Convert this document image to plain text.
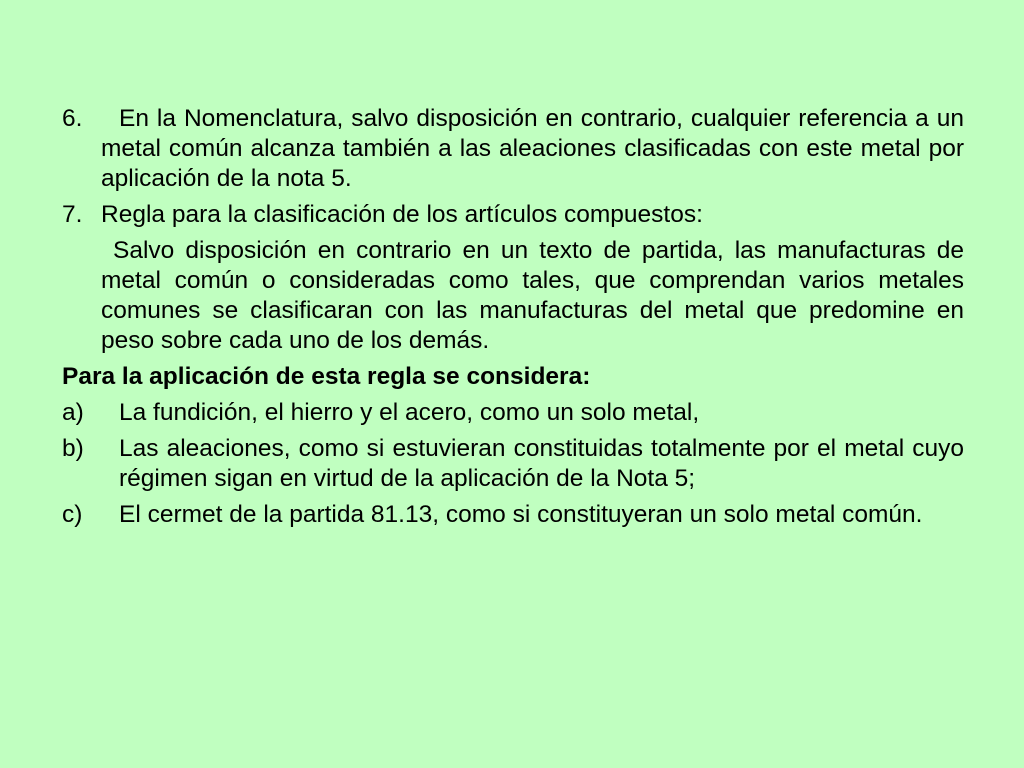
6.	En la Nomenclatura, salvo disposición en contrario, cualquier referencia a un metal común alcanza también a las aleaciones clasificadas con este metal por aplicación de la nota 5.
7. Regla para la clasificación de los artículos compuestos:
Salvo disposición en contrario en un texto de partida, las manufacturas de metal común o consideradas como tales, que comprendan varios metales comunes se clasificaran con las manufacturas del metal que predomine en peso sobre cada uno de los demás.
Para la aplicación de esta regla se considera:
a)	La fundición, el hierro y el acero, como un solo metal,
b)	Las aleaciones, como si estuvieran constituidas totalmente por el metal cuyo régimen sigan en virtud de la aplicación de la Nota 5;
c)	El cermet de la partida 81.13, como si constituyeran un solo metal común.
